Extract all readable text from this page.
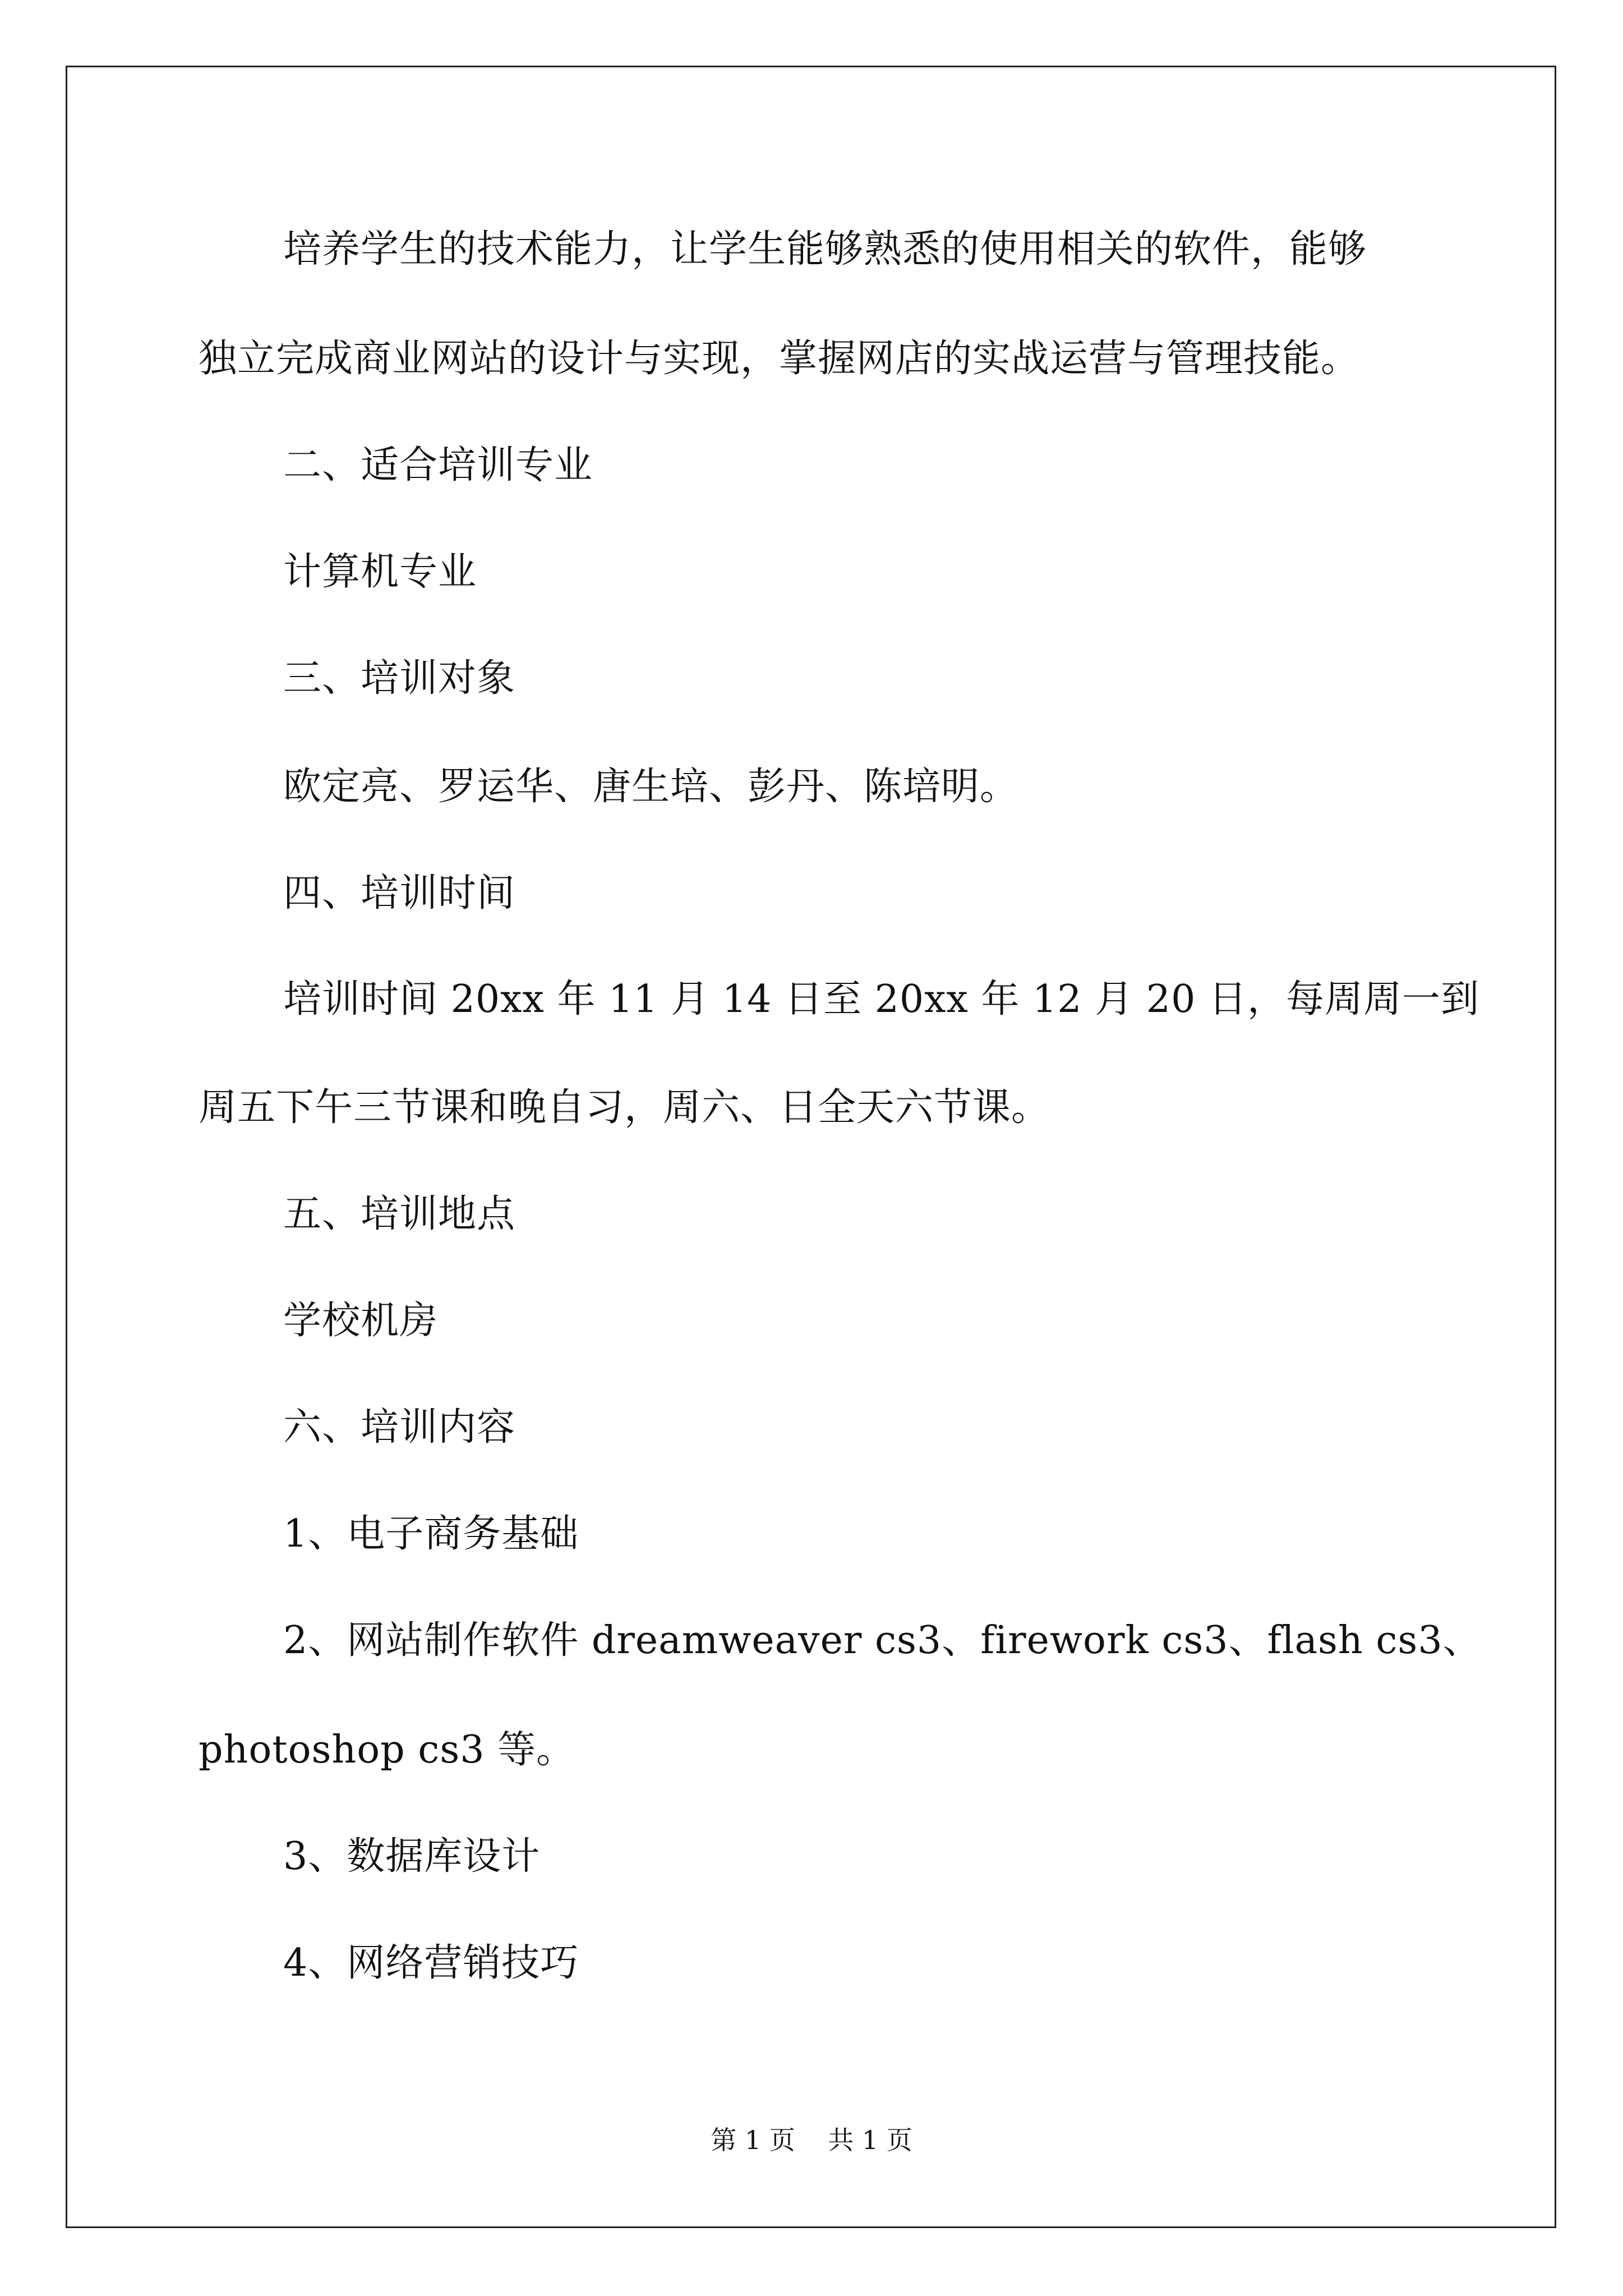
培养学生的技术能力，让学生能够熟悉的使用相关的软件，能够
独立完成商业网站的设计与实现，掌握网店的实战运营与管理技能。
二、适合培训专业
计算机专业
三、培训对象
欧定亮、罗运华、唐生培、彭丹、陈培明。
四、培训时间
培训时间 20xx 年 11 月 14 日至 20xx 年 12 月 20 日，每周周一到
周五下午三节课和晚自习，周六、日全天六节课。
五、培训地点
学校机房
六、培训内容
1、电子商务基础
2、网站制作软件 dreamweaver cs3、firework cs3、flash cs3、
photoshop cs3 等。
3、数据库设计
4、网络营销技巧
第 1 页    共 1 页
